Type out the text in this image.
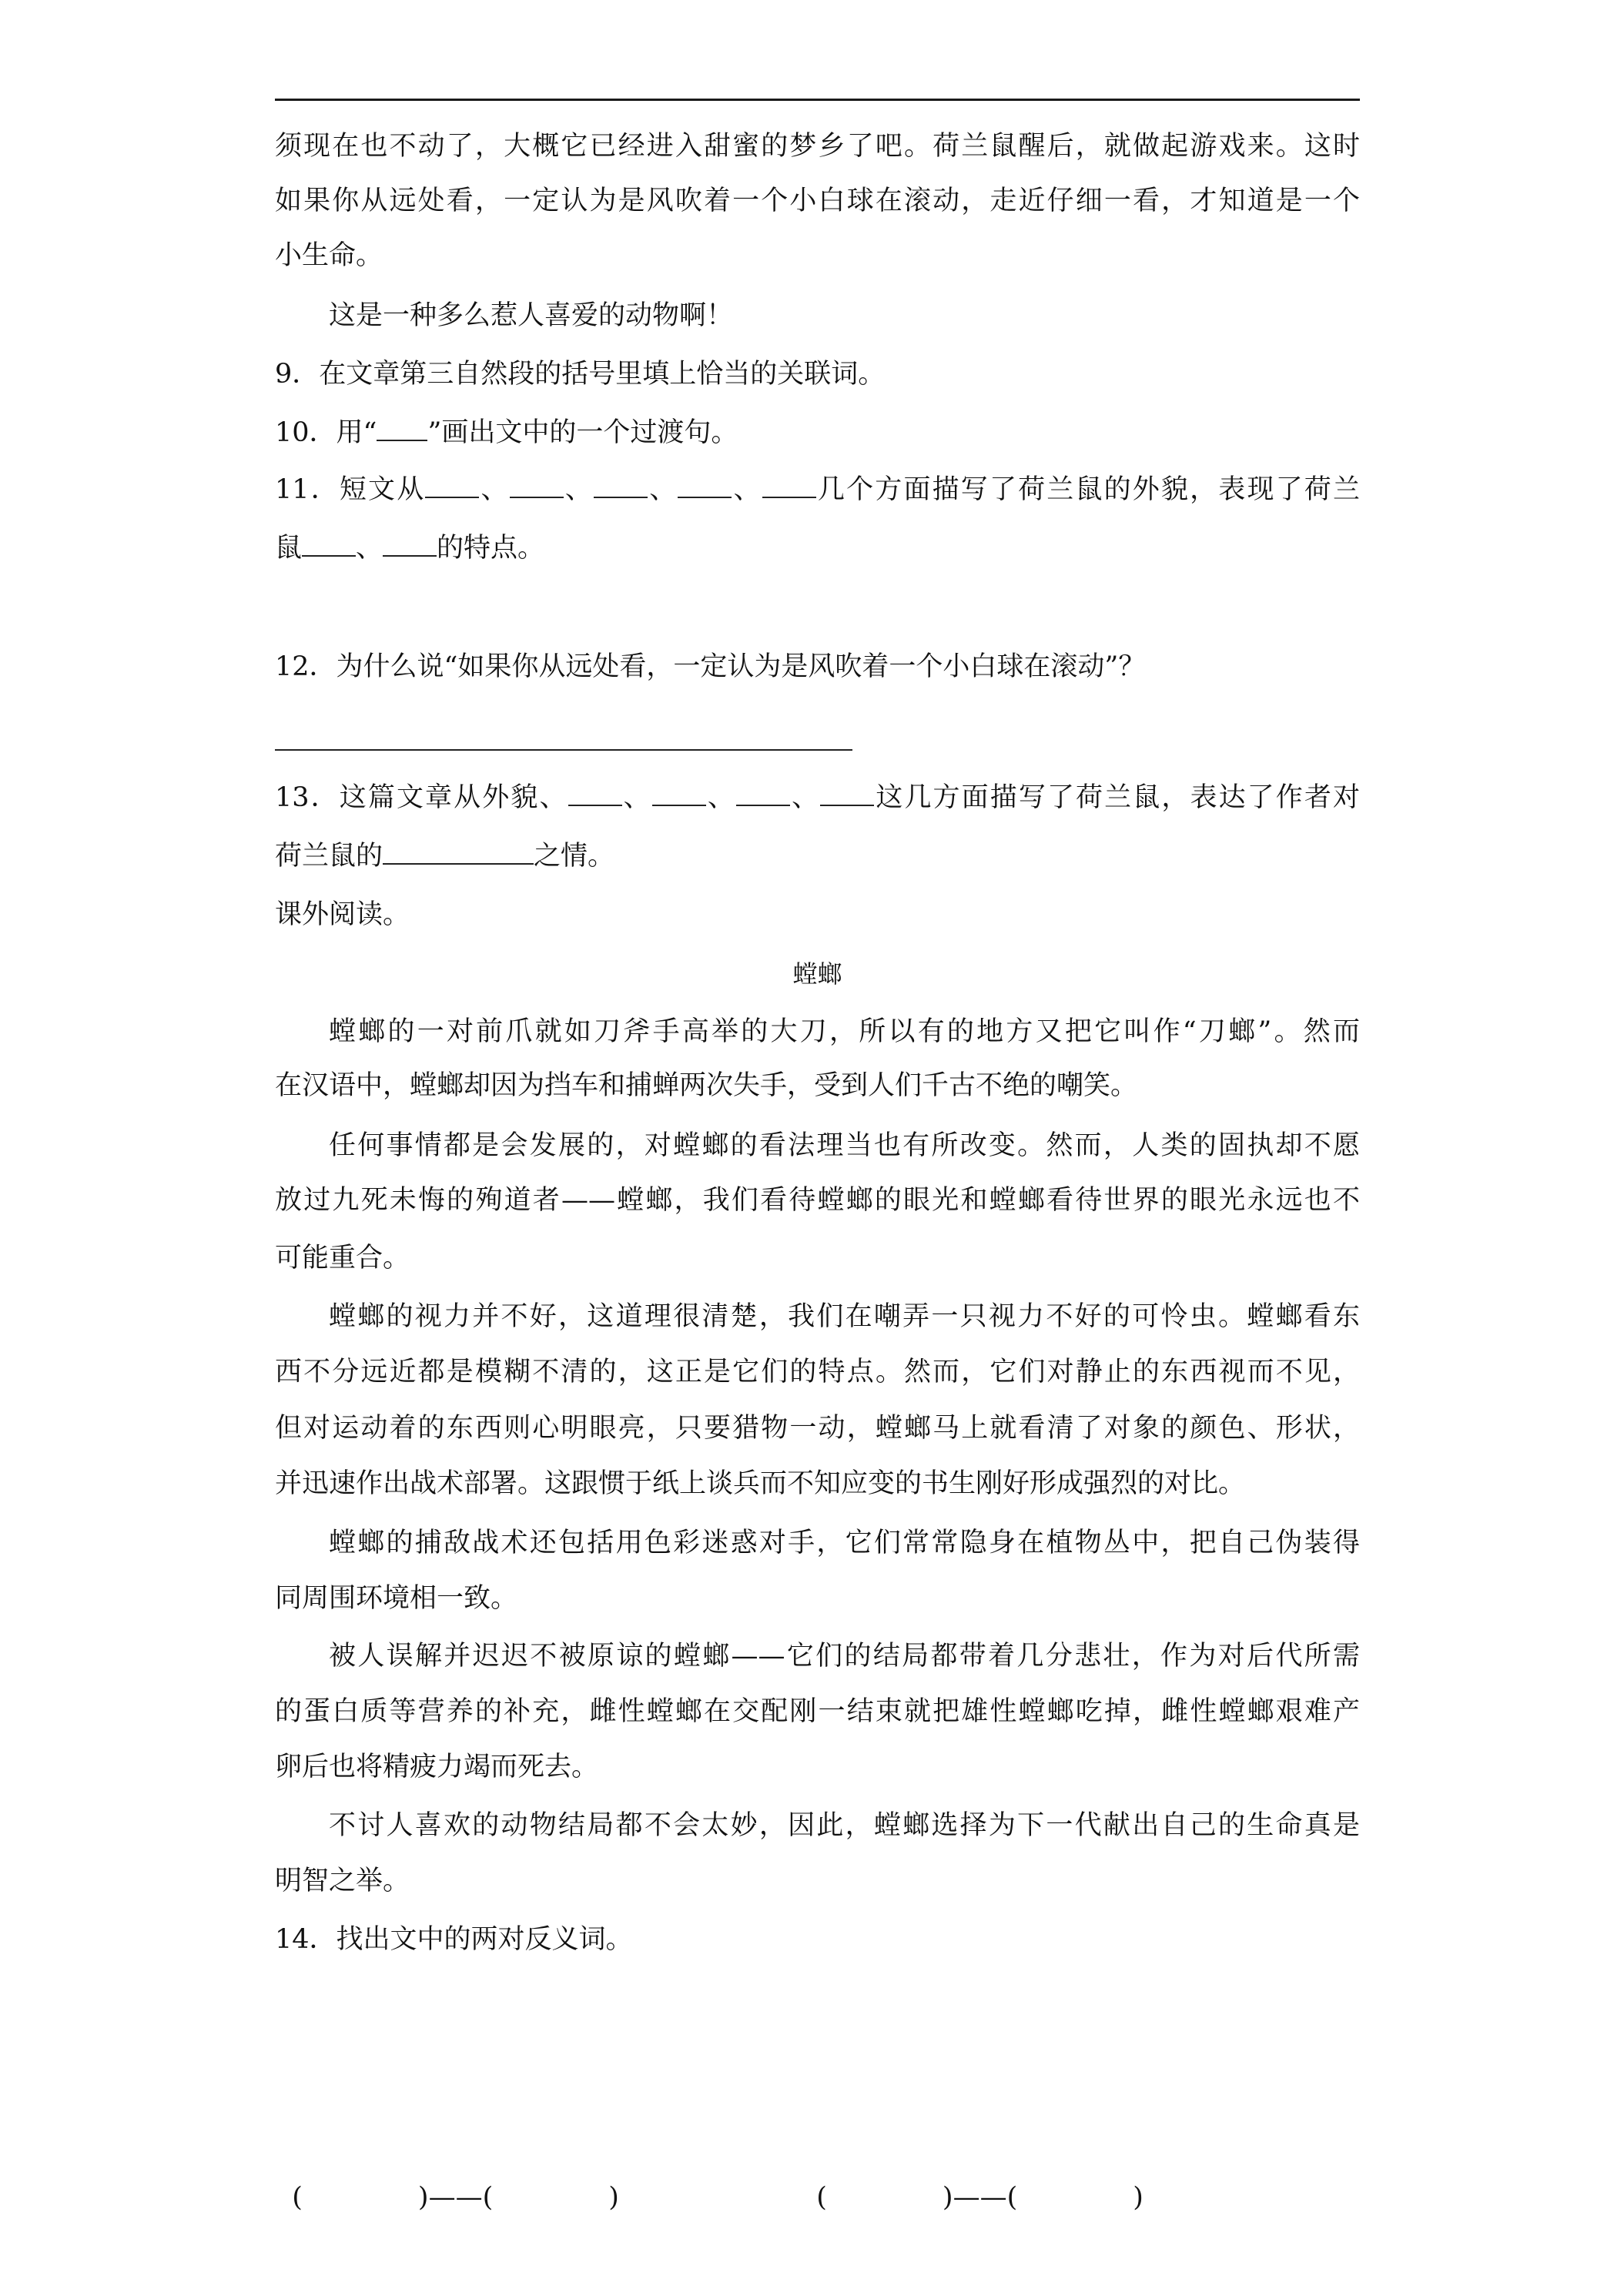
须现在也不动了，大概它已经进入甜蜜的梦乡了吧。荷兰鼠醒后，就做起游戏来。这时
如果你从远处看，一定认为是风吹着一个小白球在滚动，走近仔细一看，才知道是一个
小生命。
这是一种多么惹人喜爱的动物啊！
9．在文章第三自然段的括号里填上恰当的关联词。
10．用“ ”画出文中的一个过渡句。
11．短文从 、 、 、 、 几个方面描写了荷兰鼠的外貌，表现了荷兰
鼠 、 的特点。
12．为什么说“如果你从远处看，一定认为是风吹着一个小白球在滚动”？
13．这篇文章从外貌、 、 、 、 这几方面描写了荷兰鼠，表达了作者对
荷兰鼠的	之情。
课外阅读。
螳螂
螳螂的一对前爪就如刀斧手高举的大刀，所以有的地方又把它叫作“刀螂”。然而
在汉语中，螳螂却因为挡车和捕蝉两次失手，受到人们千古不绝的嘲笑。
任何事情都是会发展的，对螳螂的看法理当也有所改变。然而，人类的固执却不愿
放过九死未悔的殉道者——螳螂，我们看待螳螂的眼光和螳螂看待世界的眼光永远也不
可能重合。
螳螂的视力并不好，这道理很清楚，我们在嘲弄一只视力不好的可怜虫。螳螂看东
西不分远近都是模糊不清的，这正是它们的特点。然而，它们对静止的东西视而不见，
但对运动着的东西则心明眼亮，只要猎物一动，螳螂马上就看清了对象的颜色、形状，
并迅速作出战术部署。这跟惯于纸上谈兵而不知应变的书生刚好形成强烈的对比。
螳螂的捕敌战术还包括用色彩迷惑对手，它们常常隐身在植物丛中，把自己伪装得
同周围环境相一致。
被人误解并迟迟不被原谅的螳螂——它们的结局都带着几分悲壮，作为对后代所需
的蛋白质等营养的补充，雌性螳螂在交配刚一结束就把雄性螳螂吃掉，雌性螳螂艰难产
卵后也将精疲力竭而死去。
不讨人喜欢的动物结局都不会太妙，因此，螳螂选择为下一代献出自己的生命真是
明智之举。
14．找出文中的两对反义词。

(	)——(	)	(	)——(	)
